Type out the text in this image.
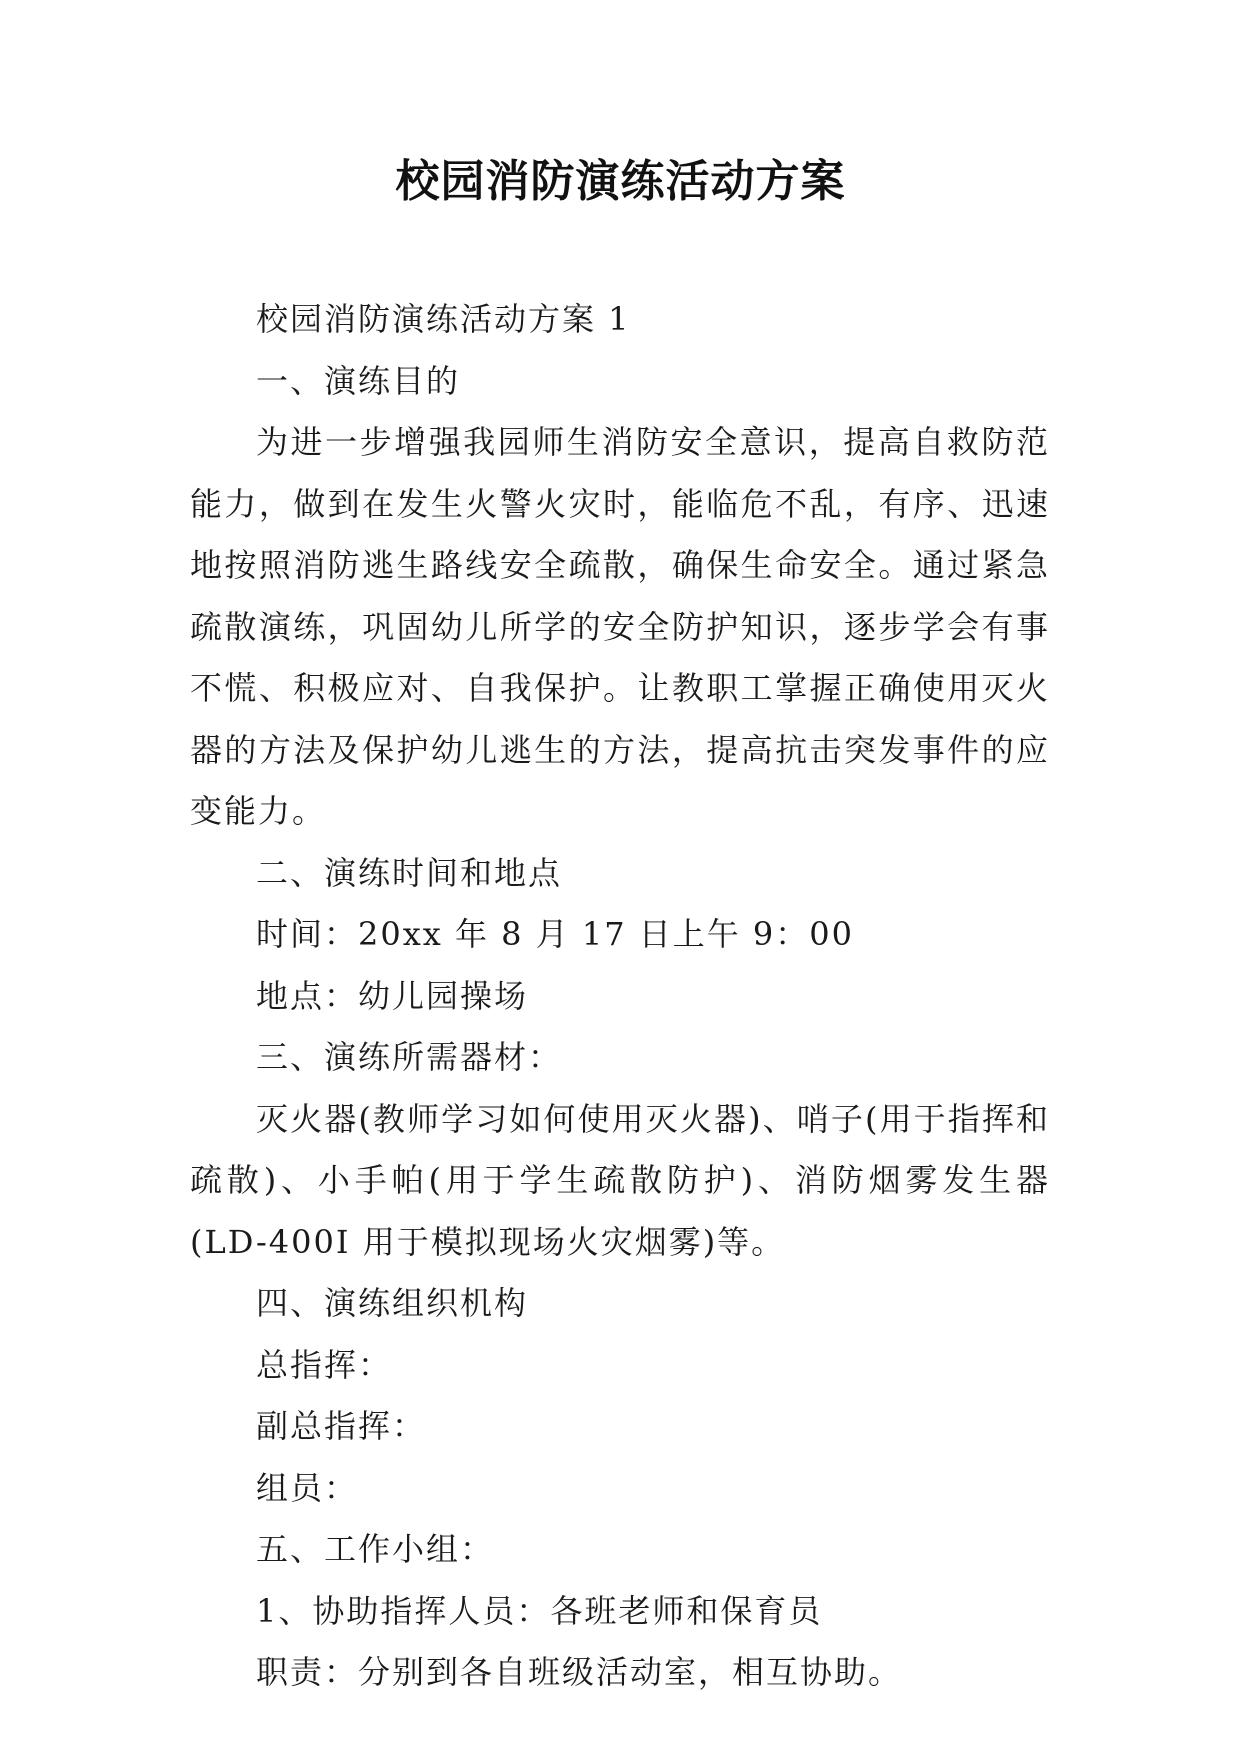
校园消防演练活动方案

校园消防演练活动方案 1

一、演练目的

为进一步增强我园师生消防安全意识，提高自救防范能力，做到在发生火警火灾时，能临危不乱，有序、迅速地按照消防逃生路线安全疏散，确保生命安全。通过紧急疏散演练，巩固幼儿所学的安全防护知识，逐步学会有事不慌、积极应对、自我保护。让教职工掌握正确使用灭火器的方法及保护幼儿逃生的方法，提高抗击突发事件的应变能力。

二、演练时间和地点

时间：20xx 年 8 月 17 日上午 9：00

地点：幼儿园操场

三、演练所需器材：

灭火器(教师学习如何使用灭火器)、哨子(用于指挥和疏散)、小手帕(用于学生疏散防护)、消防烟雾发生器(LD-400I 用于模拟现场火灾烟雾)等。

四、演练组织机构

总指挥：

副总指挥：

组员：

五、工作小组：

1、协助指挥人员：各班老师和保育员

职责：分别到各自班级活动室，相互协助。
